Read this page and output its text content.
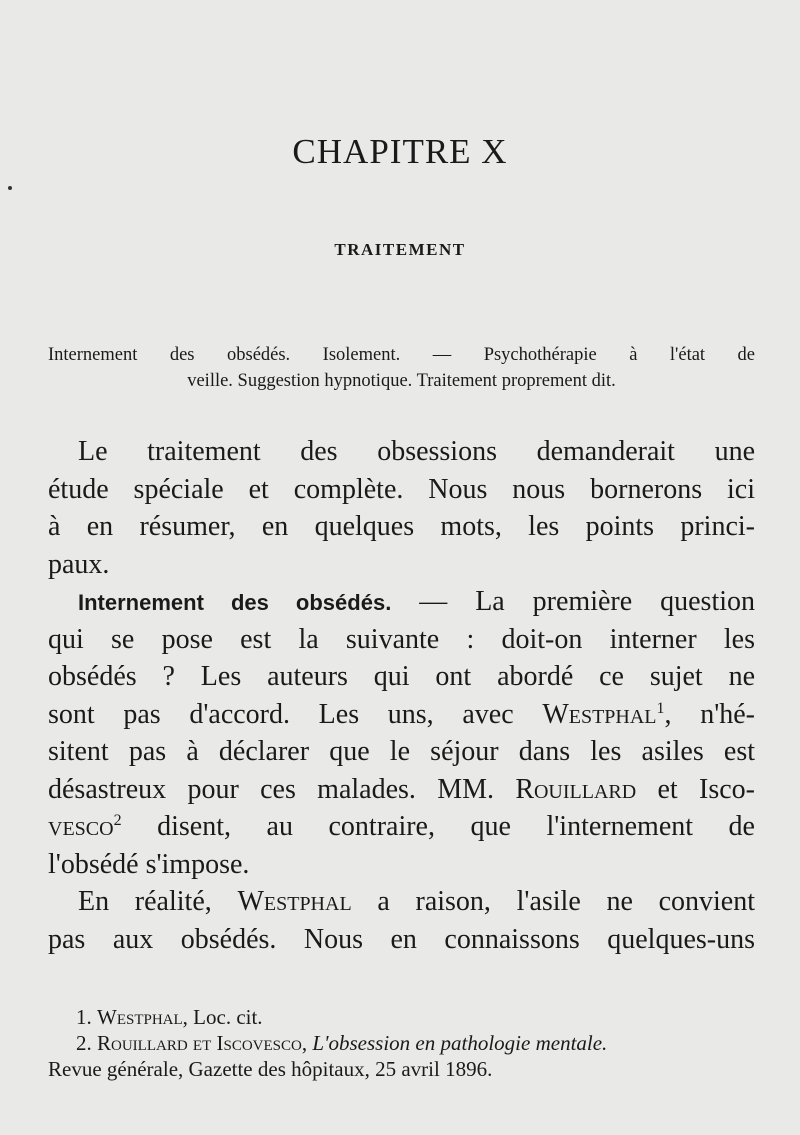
CHAPITRE X
TRAITEMENT
Internement des obsédés. Isolement. — Psychothérapie à l'état de
veille. Suggestion hypnotique. Traitement proprement dit.
Le traitement des obsessions demanderait une
étude spéciale et complète. Nous nous bornerons ici
à en résumer, en quelques mots, les points princi-
paux.
Internement des obsédés. — La première question
qui se pose est la suivante : doit-on interner les
obsédés ? Les auteurs qui ont abordé ce sujet ne
sont pas d'accord. Les uns, avec Westphal$^1$, n'hé-
sitent pas à déclarer que le séjour dans les asiles est
désastreux pour ces malades. MM. Rouillard et Isco-
vesco$^2$ disent, au contraire, que l'internement de
l'obsédé s'impose.
En réalité, Westphal a raison, l'asile ne convient
pas aux obsédés. Nous en connaissons quelques-uns
1. Westphal, Loc. cit.
2. Rouillard et Iscovesco, L'obsession en pathologie mentale.
Revue générale, Gazette des hôpitaux, 25 avril 1896.
